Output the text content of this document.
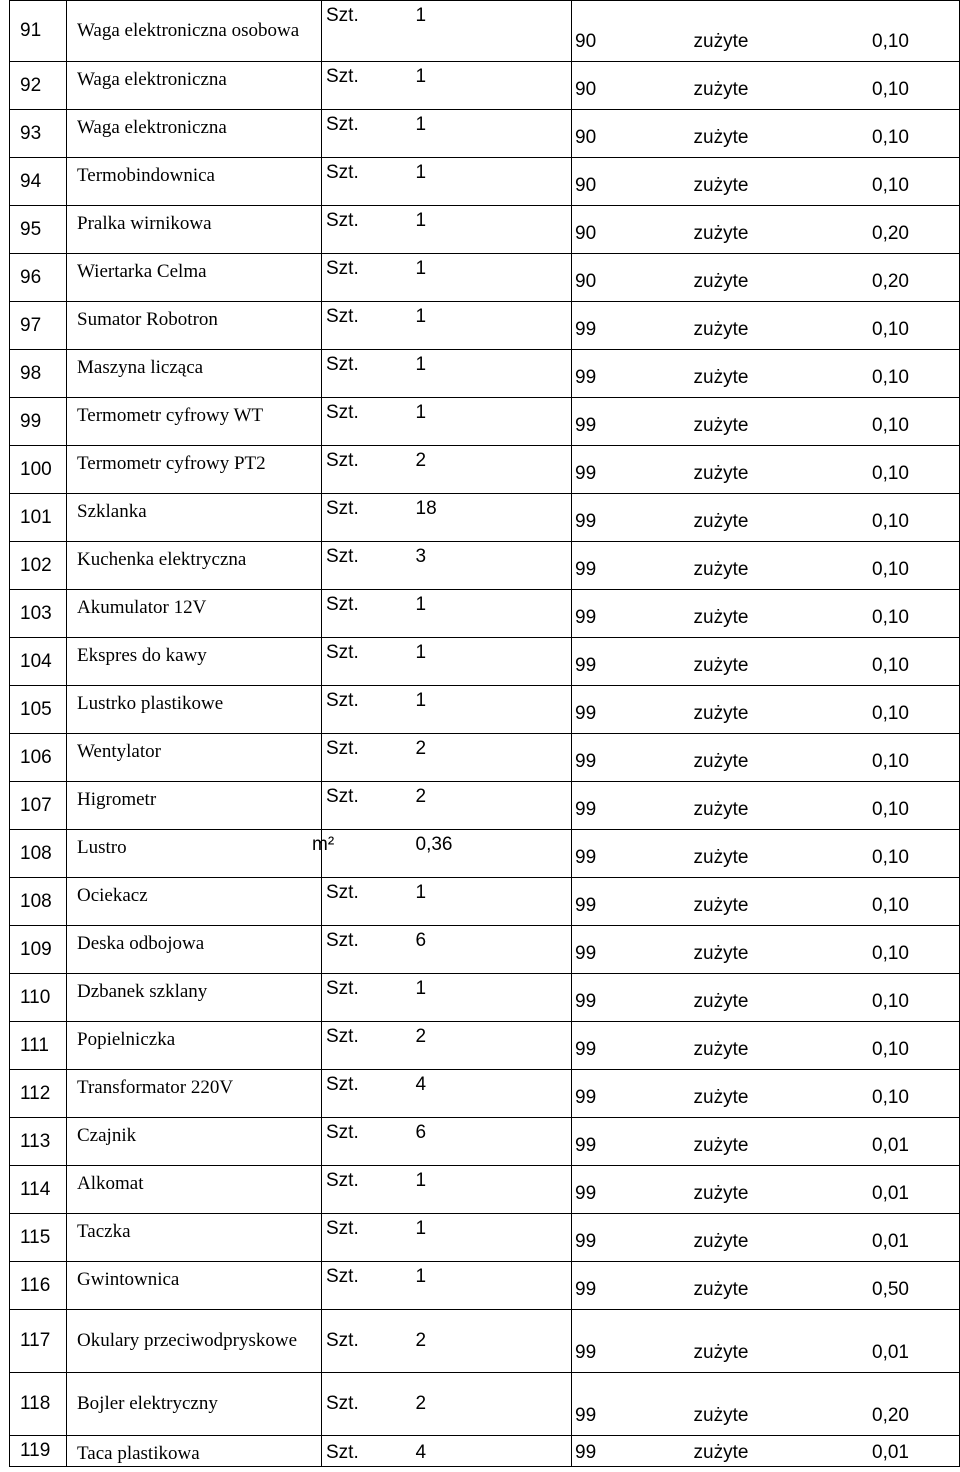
91	Waga elektroniczna osobowa	Szt.	1	90	zużyte	0,10
92	Waga elektroniczna	Szt.	1	90	zużyte	0,10
93	Waga elektroniczna	Szt.	1	90	zużyte	0,10
94	Termobindownica	Szt.	1	90	zużyte	0,10
95	Pralka wirnikowa	Szt.	1	90	zużyte	0,20
96	Wiertarka Celma	Szt.	1	90	zużyte	0,20
97	Sumator Robotron	Szt.	1	99	zużyte	0,10
98	Maszyna licząca	Szt.	1	99	zużyte	0,10
99	Termometr cyfrowy WT	Szt.	1	99	zużyte	0,10
100	Termometr cyfrowy PT2	Szt.	2	99	zużyte	0,10
101	Szklanka	Szt.	18	99	zużyte	0,10
102	Kuchenka elektryczna	Szt.	3	99	zużyte	0,10
103	Akumulator 12V	Szt.	1	99	zużyte	0,10
104	Ekspres do kawy	Szt.	1	99	zużyte	0,10
105	Lustrko plastikowe	Szt.	1	99	zużyte	0,10
106	Wentylator	Szt.	2	99	zużyte	0,10
107	Higrometr	Szt.	2	99	zużyte	0,10
108	Lustro	m²	0,36	99	zużyte	0,10
108	Ociekacz	Szt.	1	99	zużyte	0,10
109	Deska odbojowa	Szt.	6	99	zużyte	0,10
110	Dzbanek szklany	Szt.	1	99	zużyte	0,10
111	Popielniczka	Szt.	2	99	zużyte	0,10
112	Transformator 220V	Szt.	4	99	zużyte	0,10
113	Czajnik	Szt.	6	99	zużyte	0,01
114	Alkomat	Szt.	1	99	zużyte	0,01
115	Taczka	Szt.	1	99	zużyte	0,01
116	Gwintownica	Szt.	1	99	zużyte	0,50
117	Okulary przeciwodpryskowe	Szt.	2	99	zużyte	0,01
118	Bojler elektryczny	Szt.	2	99	zużyte	0,20
119	Taca plastikowa	Szt.	4	99	zużyte	0,01
